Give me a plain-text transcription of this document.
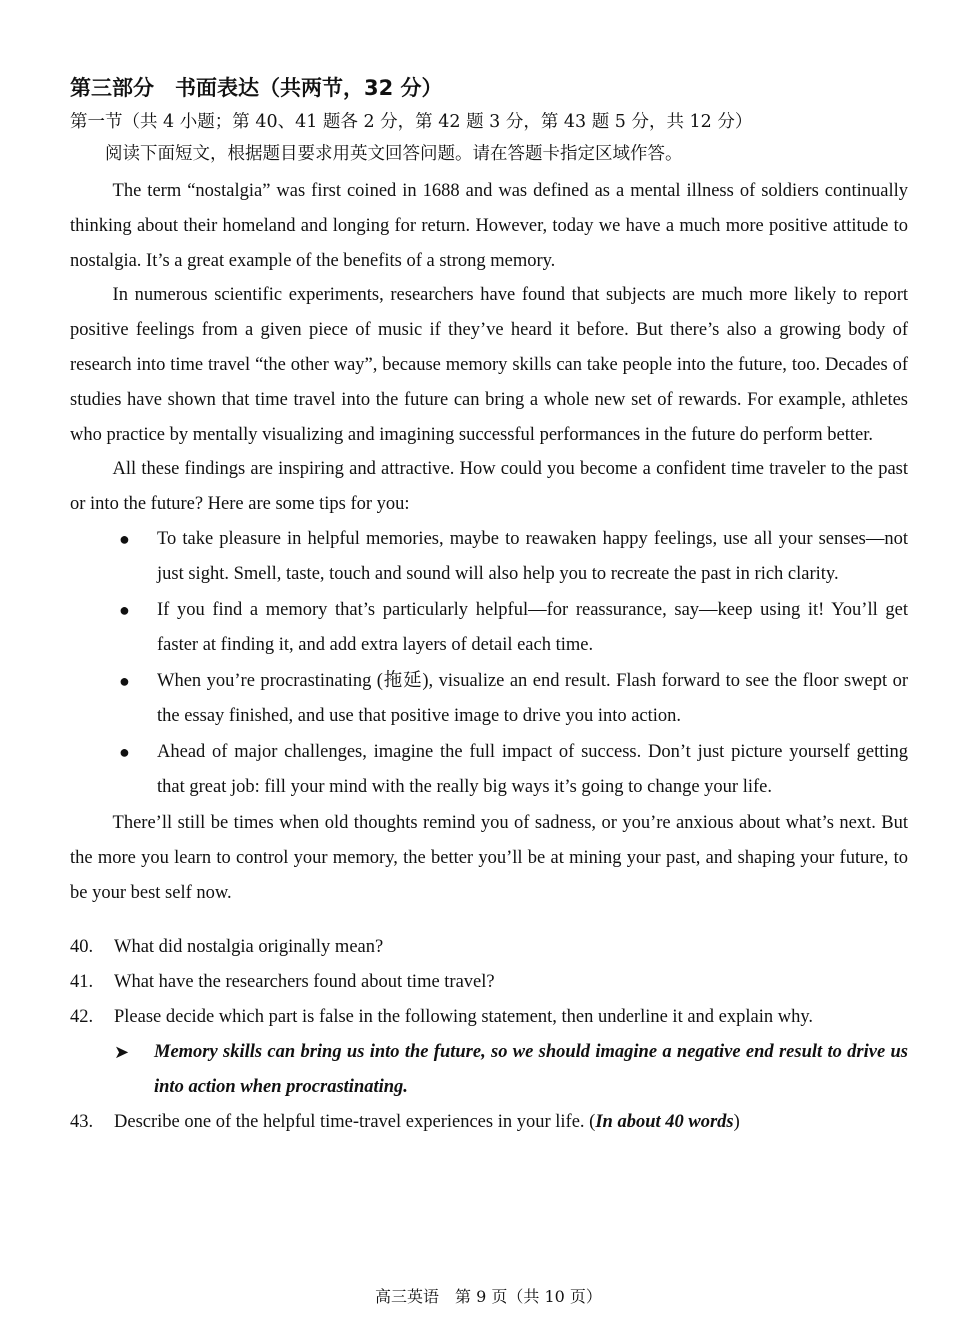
第三部分　书面表达（共两节，32 分）

第一节（共 4 小题；第 40、41 题各 2 分，第 42 题 3 分，第 43 题 5 分，共 12 分）

阅读下面短文，根据题目要求用英文回答问题。请在答题卡指定区域作答。

The term “nostalgia” was first coined in 1688 and was defined as a mental illness of soldiers continually thinking about their homeland and longing for return. However, today we have a much more positive attitude to nostalgia. It’s a great example of the benefits of a strong memory.

In numerous scientific experiments, researchers have found that subjects are much more likely to report positive feelings from a given piece of music if they’ve heard it before. But there’s also a growing body of research into time travel “the other way”, because memory skills can take people into the future, too. Decades of studies have shown that time travel into the future can bring a whole new set of rewards. For example, athletes who practice by mentally visualizing and imagining successful performances in the future do perform better.

All these findings are inspiring and attractive. How could you become a confident time traveler to the past or into the future? Here are some tips for you:

● To take pleasure in helpful memories, maybe to reawaken happy feelings, use all your senses—not just sight. Smell, taste, touch and sound will also help you to recreate the past in rich clarity.
● If you find a memory that’s particularly helpful—for reassurance, say—keep using it! You’ll get faster at finding it, and add extra layers of detail each time.
● When you’re procrastinating (拖延), visualize an end result. Flash forward to see the floor swept or the essay finished, and use that positive image to drive you into action.
● Ahead of major challenges, imagine the full impact of success. Don’t just picture yourself getting that great job: fill your mind with the really big ways it’s going to change your life.

There’ll still be times when old thoughts remind you of sadness, or you’re anxious about what’s next. But the more you learn to control your memory, the better you’ll be at mining your past, and shaping your future, to be your best self now.

40.	What did nostalgia originally mean?
41.	What have the researchers found about time travel?
42.	Please decide which part is false in the following statement, then underline it and explain why.
➤	Memory skills can bring us into the future, so we should imagine a negative end result to drive us into action when procrastinating.
43.	Describe one of the helpful time-travel experiences in your life. (In about 40 words)
高三英语　第 9 页（共 10 页）
